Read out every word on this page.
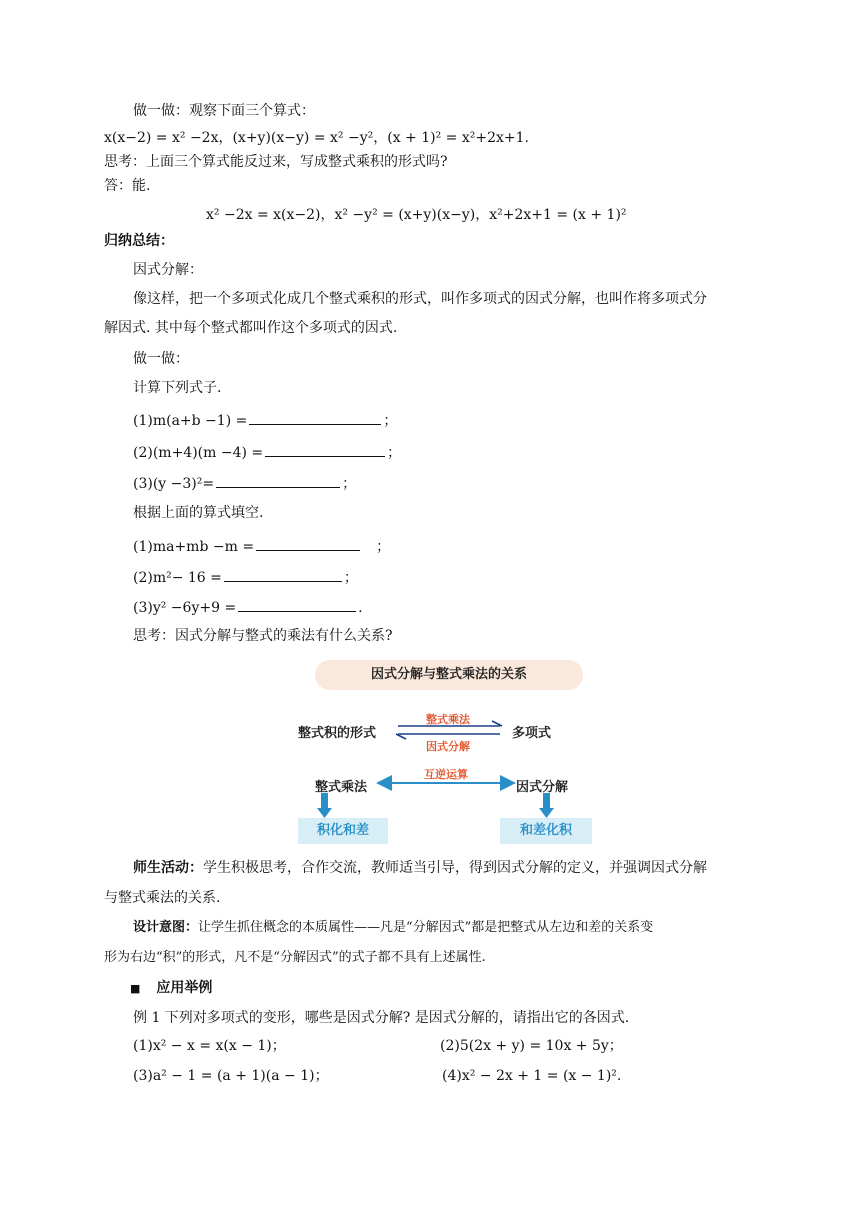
做一做：观察下面三个算式：
x(x−2) = x² −2x，(x+y)(x−y) = x² −y²，(x + 1)² = x²+2x+1.
思考：上面三个算式能反过来，写成整式乘积的形式吗?
答：能.
x² −2x = x(x−2)，x² −y² = (x+y)(x−y)，x²+2x+1 = (x + 1)²
归纳总结：
因式分解：
像这样，把一个多项式化成几个整式乘积的形式，叫作多项式的因式分解，也叫作将多项式分
解因式. 其中每个整式都叫作这个多项式的因式.
做一做：
计算下列式子.
(1)m(a+b −1) =	；
(2)(m+4)(m −4) =	；
(3)(y −3)²=	；
根据上面的算式填空.
(1)ma+mb −m =	；
(2)m²− 16 =	；
(3)y² −6y+9 =	.
思考：因式分解与整式的乘法有什么关系?
因式分解与整式乘法的关系
整式积的形式	多项式
整式乘法
因式分解
整式乘法	因式分解
互逆运算
积化和差	和差化积
师生活动：学生积极思考，合作交流，教师适当引导，得到因式分解的定义，并强调因式分解
与整式乘法的关系.
设计意图：让学生抓住概念的本质属性——凡是“分解因式”都是把整式从左边和差的关系变
形为右边“积”的形式，凡不是“分解因式”的式子都不具有上述属性.
■ 应用举例
例 1 下列对多项式的变形，哪些是因式分解? 是因式分解的，请指出它的各因式.
(1)x² − x = x(x − 1)；	(2)5(2x + y) = 10x + 5y；
(3)a² − 1 = (a + 1)(a − 1)；	(4)x² − 2x + 1 = (x − 1)².
